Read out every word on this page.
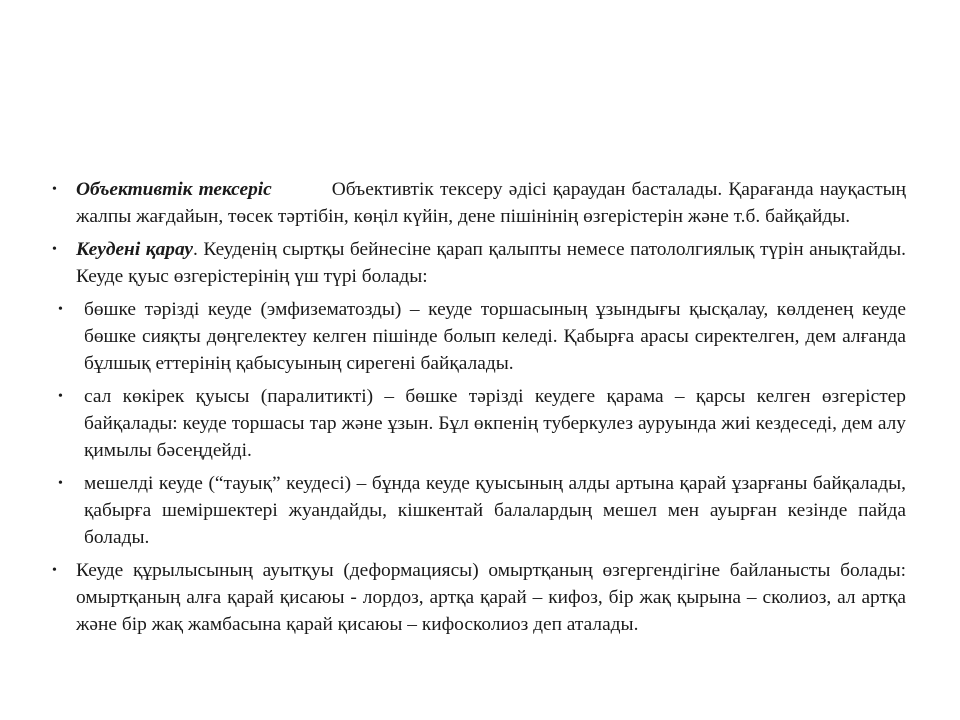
• Объективтік тексеріс	Объективтік тексеру әдісі қараудан басталады. Қарағанда науқастың жалпы жағдайын, төсек тәртібін, көңіл күйін, дене пішінінің өзгерістерін және т.б. байқайды.
• Кеудені қарау. Кеуденің сыртқы бейнесіне қарап қалыпты немесе патололгиялық түрін анықтайды. Кеуде қуыс өзгерістерінің үш түрі болады:
• бөшке тәрізді кеуде (эмфизематозды) – кеуде торшасының ұзындығы қысқалау, көлденең кеуде бөшке сияқты дөңгелектеу келген пішінде болып келеді. Қабырға арасы сиректелген, дем алғанда бұлшық еттерінің қабысуының сирегені байқалады.
• сал көкірек қуысы (паралитикті) – бөшке тәрізді кеудеге қарама – қарсы келген өзгерістер байқалады: кеуде торшасы тар және ұзын. Бұл өкпенің туберкулез ауруында жиі кездеседі, дем алу қимылы бәсеңдейді.
• мешелді кеуде (“тауық” кеудесі) – бұнда кеуде қуысының алды артына қарай ұзарғаны байқалады, қабырға шеміршектері жуандайды, кішкентай балалардың мешел мен ауырған кезінде пайда болады.
• Кеуде құрылысының ауытқуы (деформациясы) омыртқаның өзгергендігіне байланысты болады: омыртқаның алға қарай қисаюы - лордоз, артқа қарай – кифоз, бір жақ қырына – сколиоз, ал артқа және бір жақ жамбасына қарай қисаюы – кифосколиоз деп аталады.
